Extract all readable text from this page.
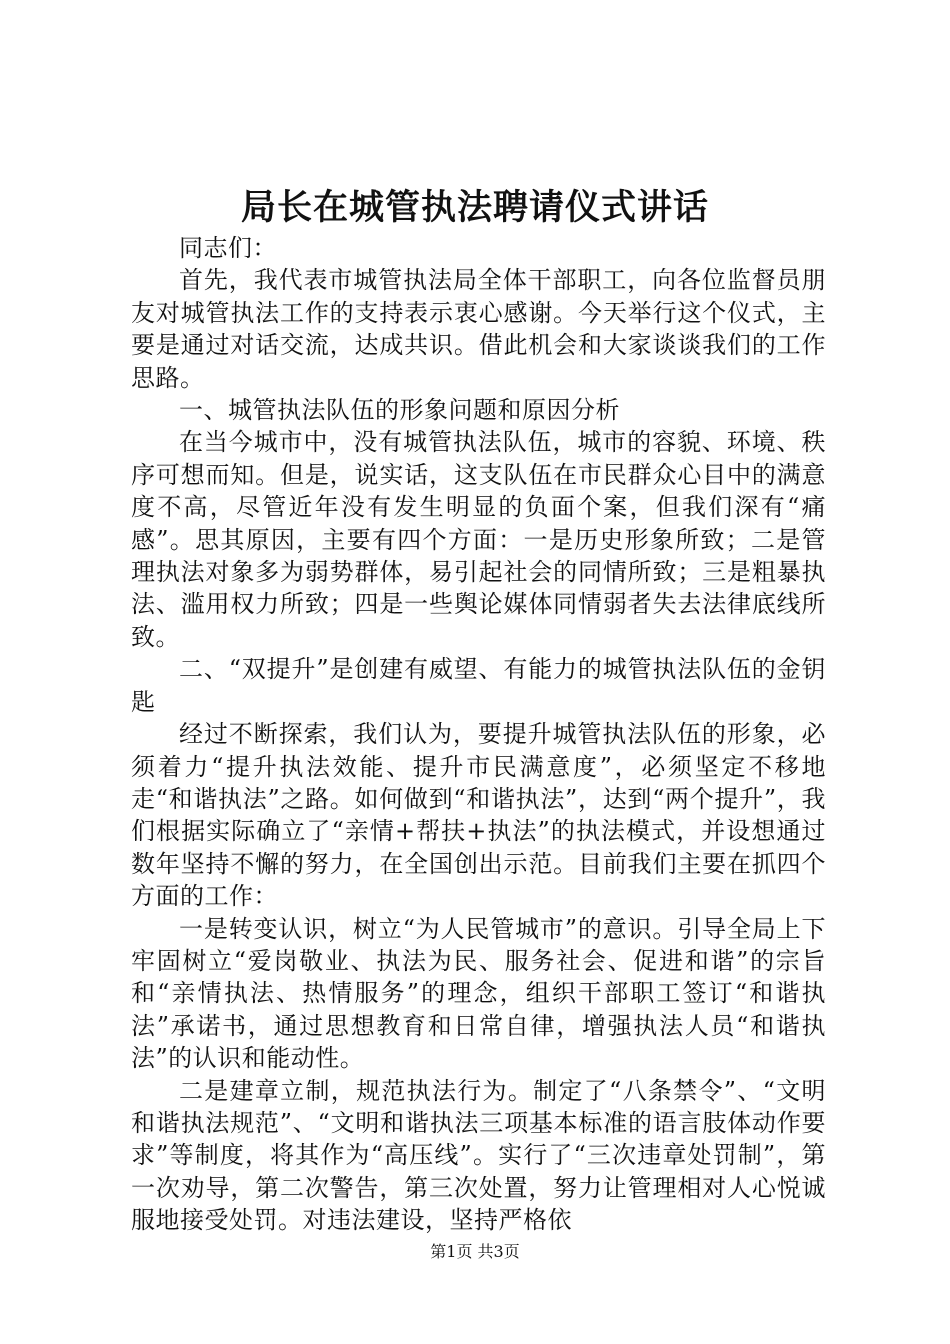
局长在城管执法聘请仪式讲话

同志们：

首先，我代表市城管执法局全体干部职工，向各位监督员朋友对城管执法工作的支持表示衷心感谢。今天举行这个仪式，主要是通过对话交流，达成共识。借此机会和大家谈谈我们的工作思路。

一、城管执法队伍的形象问题和原因分析

在当今城市中，没有城管执法队伍，城市的容貌、环境、秩序可想而知。但是，说实话，这支队伍在市民群众心目中的满意度不高，尽管近年没有发生明显的负面个案，但我们深有“痛感”。思其原因，主要有四个方面：一是历史形象所致；二是管理执法对象多为弱势群体，易引起社会的同情所致；三是粗暴执法、滥用权力所致；四是一些舆论媒体同情弱者失去法律底线所致。

二、“双提升”是创建有威望、有能力的城管执法队伍的金钥匙

经过不断探索，我们认为，要提升城管执法队伍的形象，必须着力“提升执法效能、提升市民满意度”，必须坚定不移地走“和谐执法”之路。如何做到“和谐执法”，达到“两个提升”，我们根据实际确立了“亲情+帮扶+执法”的执法模式，并设想通过数年坚持不懈的努力，在全国创出示范。目前我们主要在抓四个方面的工作：

一是转变认识，树立“为人民管城市”的意识。引导全局上下牢固树立“爱岗敬业、执法为民、服务社会、促进和谐”的宗旨和“亲情执法、热情服务”的理念，组织干部职工签订“和谐执法”承诺书，通过思想教育和日常自律，增强执法人员“和谐执法”的认识和能动性。

二是建章立制，规范执法行为。制定了“八条禁令”、“文明和谐执法规范”、“文明和谐执法三项基本标准的语言肢体动作要求”等制度，将其作为“高压线”。实行了“三次违章处罚制”，第一次劝导，第二次警告，第三次处置，努力让管理相对人心悦诚服地接受处罚。对违法建设，坚持严格依

第1页 共3页
